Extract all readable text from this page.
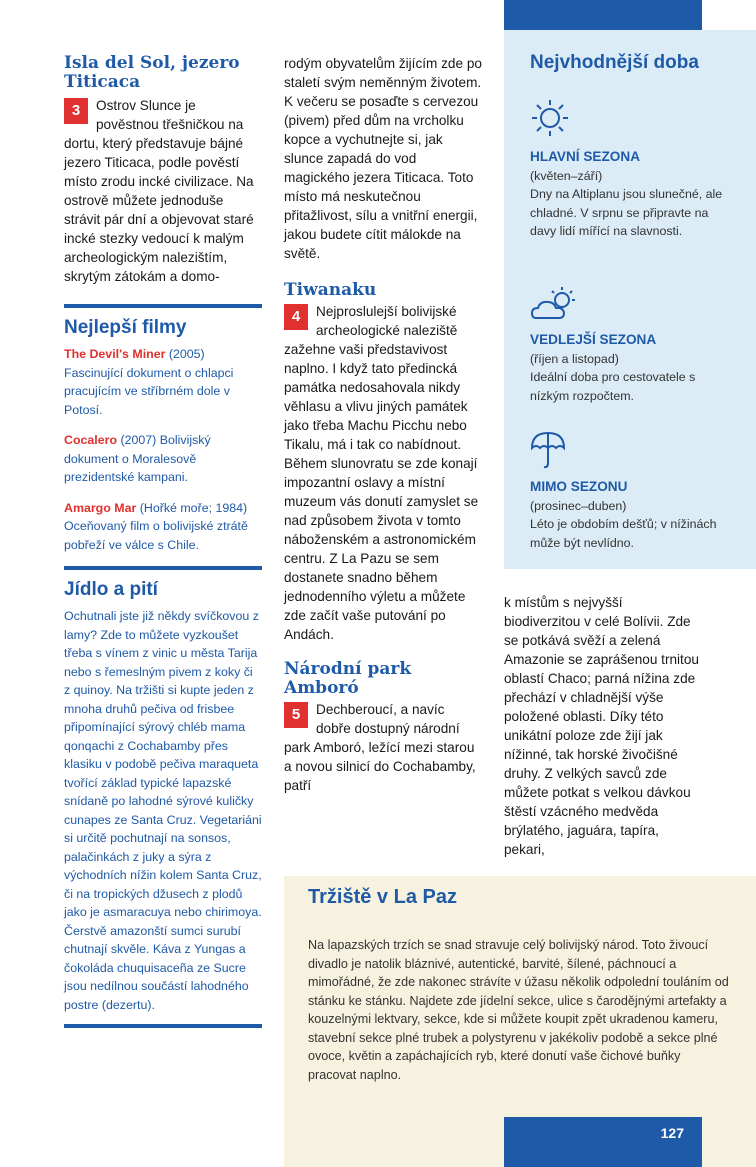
Isla del Sol, jezero Titicaca
3	Ostrov Slunce je pověstnou třešničkou na dortu, který představuje bájné jezero Titicaca, podle pověstí místo zrodu incké civilizace. Na ostrově můžete jednoduše strávit pár dní a objevovat staré incké stezky vedoucí k malým archeologickým nalezištím, skrytým zátokám a domo-
Nejlepší filmy
The Devil's Miner (2005) Fascinující dokument o chlapci pracujícím ve stříbrném dole v Potosí.
Cocalero (2007) Bolivijský dokument o Moralesově prezidentské kampani.
Amargo Mar (Hořké moře; 1984) Oceňovaný film o bolivijské ztrátě pobřeží ve válce s Chile.
Jídlo a pití
Ochutnali jste již někdy svíčkovou z lamy? Zde to můžete vyzkoušet třeba s vínem z vinic u města Tarija nebo s řemeslným pivem z koky či z quinoy. Na tržišti si kupte jeden z mnoha druhů pečiva od frisbee připomínající sýrový chléb mama qonqachi z Cochabamby přes klasiku v podobě pečiva maraqueta tvořící základ typické lapazské snídaně po lahodné sýrové kuličky cunapes ze Santa Cruz. Vegetariáni si určitě pochutnají na sonsos, palačinkách z juky a sýra z východních nížin kolem Santa Cruz, či na tropických džusech z plodů jako je asmaracuya nebo chirimoya. Čerstvě amazonští sumci surubí chutnají skvěle. Káva z Yungas a čokoláda chuquisaceña ze Sucre jsou nedílnou součástí lahodného postre (dezertu).
rodým obyvatelům žijícím zde po staletí svým neměnným životem. K večeru se posaďte s cervezou (pivem) před dům na vrcholku kopce a vychutnejte si, jak slunce zapadá do vod magického jezera Titicaca. Toto místo má neskutečnou přitažlivost, sílu a vnitřní energii, jakou budete cítit málokde na světě.
Tiwanaku
4	Nejproslulejší bolivijské archeologické naleziště zažehne vaši představivost naplno. I když tato předincká památka nedosahovala nikdy věhlasu a vlivu jiných památek jako třeba Machu Picchu nebo Tikalu, má i tak co nabídnout. Během slunovratu se zde konají impozantní oslavy a místní muzeum vás donutí zamyslet se nad způsobem života v tomto náboženském a astronomickém centru. Z La Pazu se sem dostanete snadno během jednodenního výletu a můžete zde začít vaše putování po Andách.
Národní park Amboró
5	Dechberoucí, a navíc dobře dostupný národní park Amboró, ležící mezi starou a novou silnicí do Cochabamby, patří
Nejvhodnější doba
HLAVNÍ SEZONA
(květen–září)
Dny na Altiplanu jsou slunečné, ale chladné. V srpnu se připravte na davy lidí mířící na slavnosti.
VEDLEJŠÍ SEZONA
(říjen a listopad)
Ideální doba pro cestovatele s nízkým rozpočtem.
MIMO SEZONU
(prosinec–duben)
Léto je obdobím dešťů; v nížinách může být nevlídno.
k místům s nejvyšší biodiverzitou v celé Bolívii. Zde se potkává svěží a zelená Amazonie se zaprášenou trnitou oblastí Chaco; parná nížina zde přechází v chladnější výše položené oblasti. Díky této unikátní poloze zde žijí jak nížinné, tak horské živočišné druhy. Z velkých savců zde můžete potkat s velkou dávkou štěstí vzácného medvěda brýlatého, jaguára, tapíra, pekari,
Tržiště v La Paz

Na lapazských trzích se snad stravuje celý bolivijský národ. Toto živoucí divadlo je natolik bláznivé, autentické, barvité, šílené, páchnoucí a mimořádné, že zde nakonec strávíte v úžasu několik odpolední touláním od stánku ke stánku. Najdete zde jídelní sekce, ulice s čarodějnými artefakty a kouzelnými lektvary, sekce, kde si můžete koupit zpět ukradenou kameru, stavební sekce plné trubek a polystyrenu v jakékoliv podobě a sekce plné ovoce, květin a zapáchajících ryb, které donutí vaše čichové buňky pracovat naplno.

127
